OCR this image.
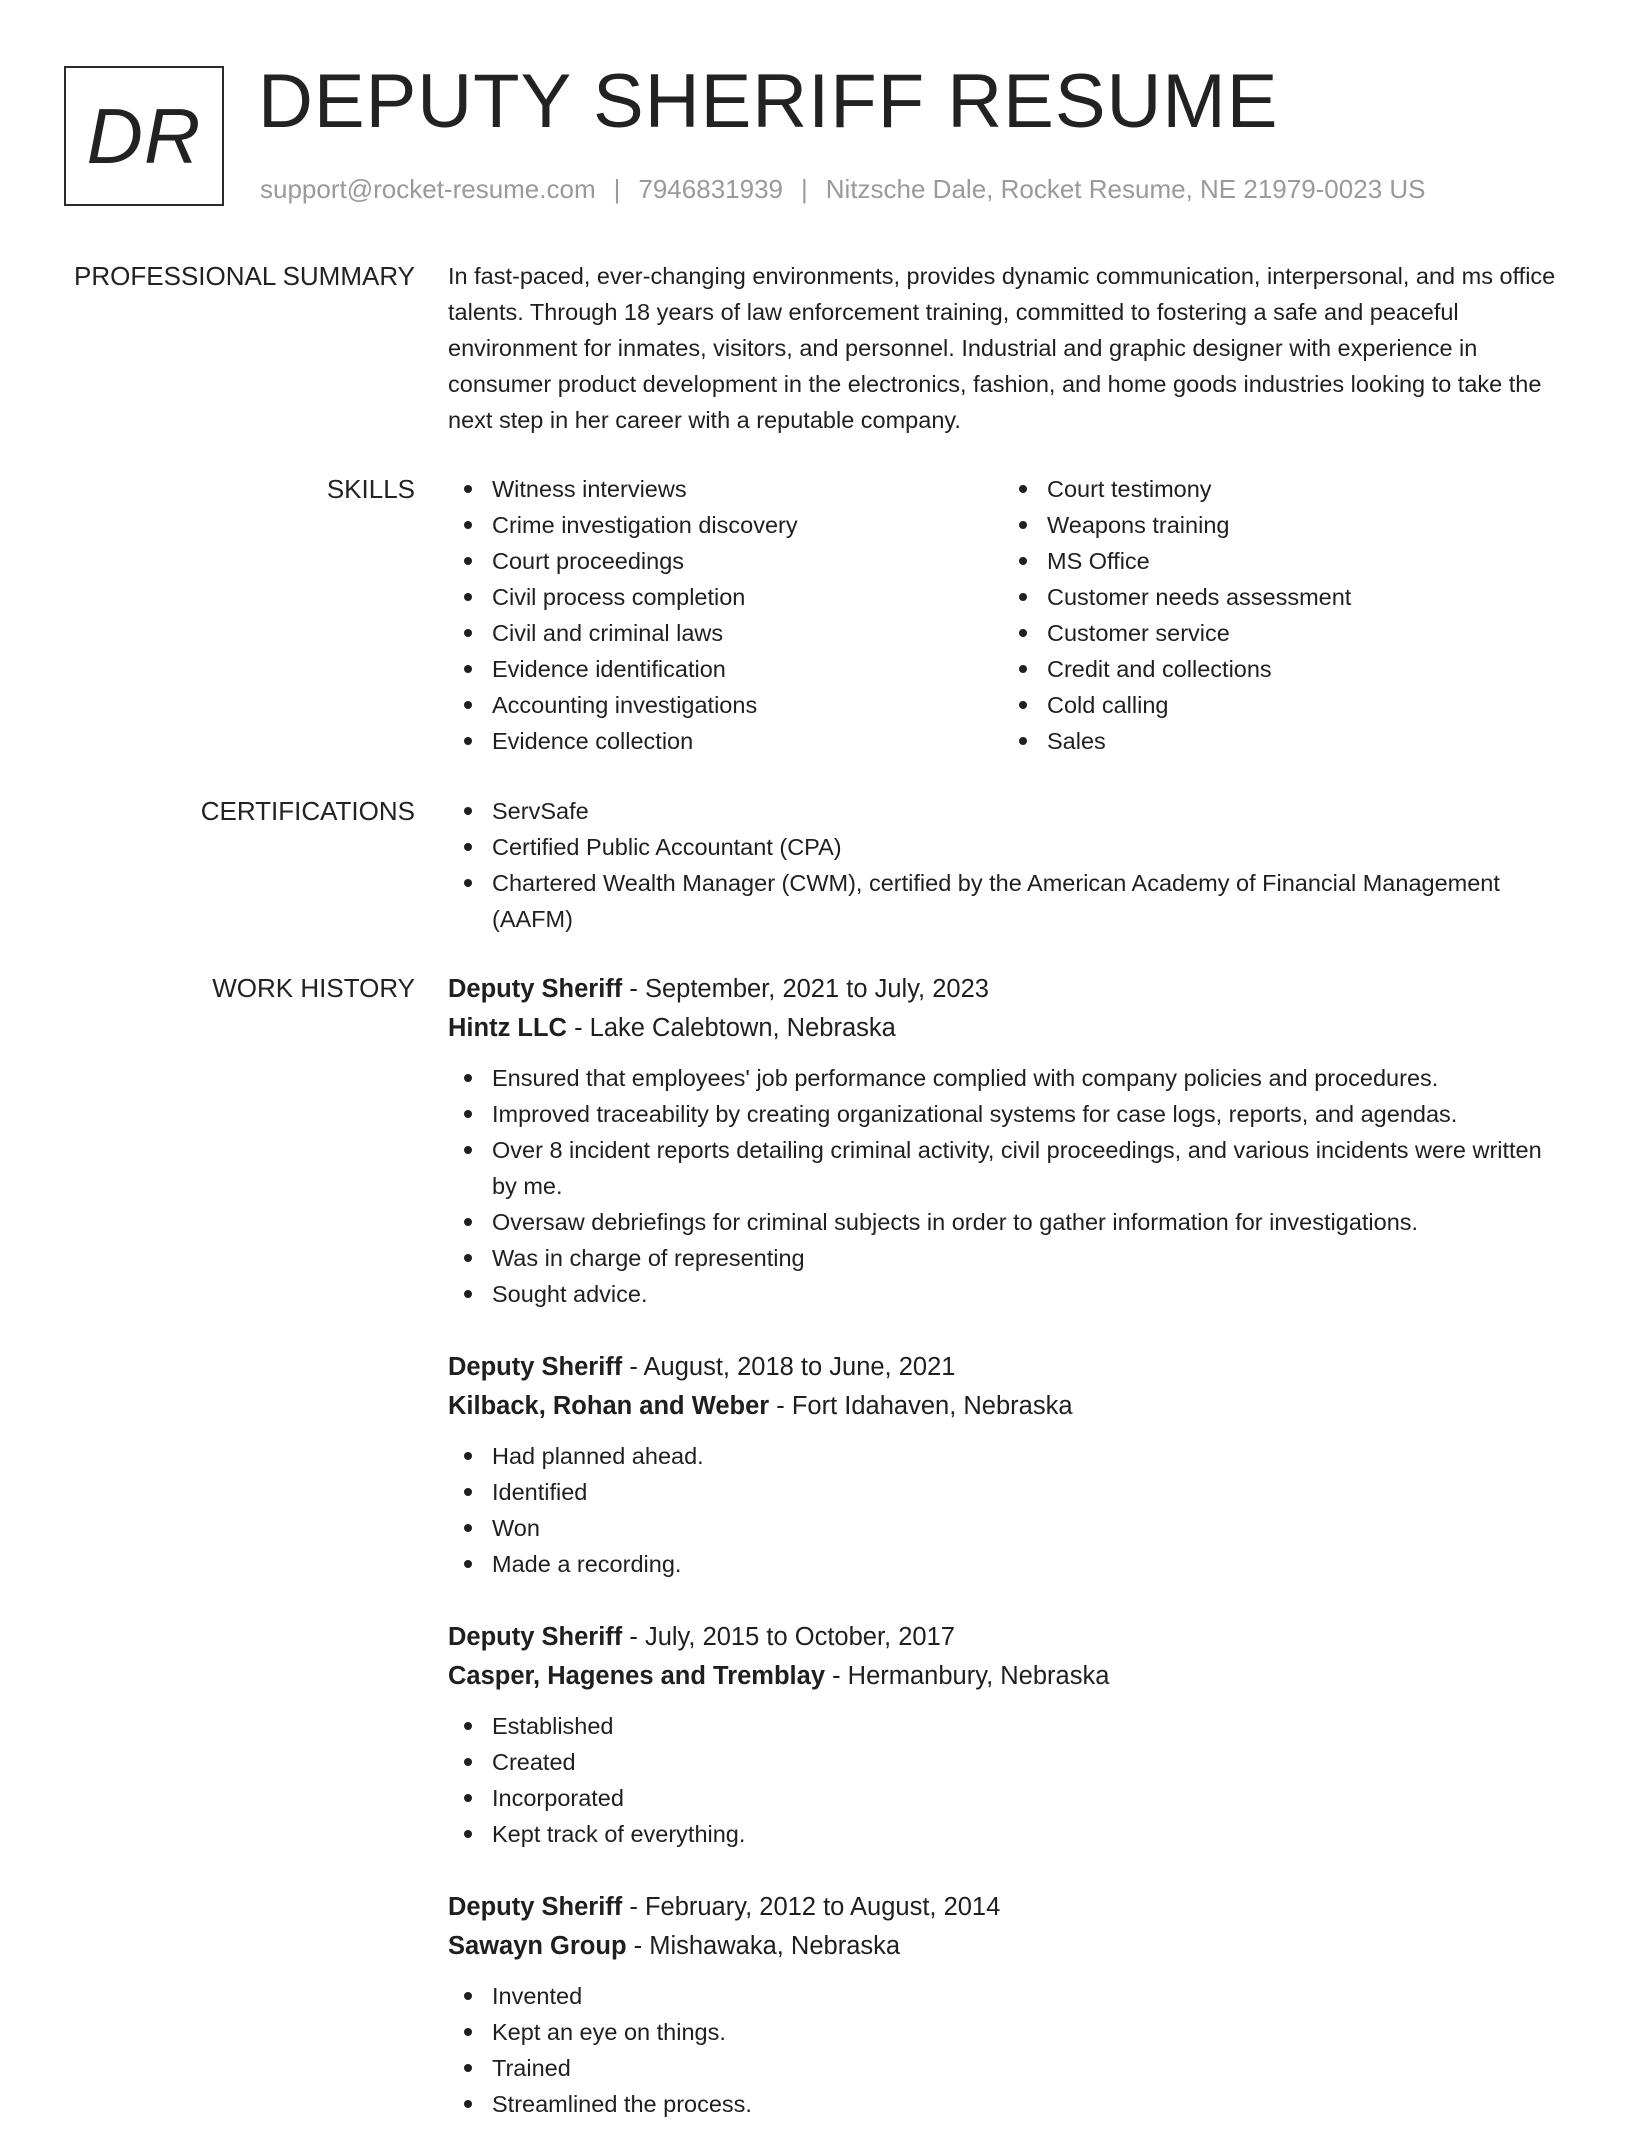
DR DEPUTY SHERIFF RESUME
support@rocket-resume.com | 7946831939 | Nitzsche Dale, Rocket Resume, NE 21979-0023 US
PROFESSIONAL SUMMARY In fast-paced, ever-changing environments, provides dynamic communication, interpersonal, and ms office talents. Through 18 years of law enforcement training, committed to fostering a safe and peaceful environment for inmates, visitors, and personnel. Industrial and graphic designer with experience in consumer product development in the electronics, fashion, and home goods industries looking to take the next step in her career with a reputable company.
SKILLS	Witness interviews
Crime investigation discovery
Court proceedings
Civil process completion
Civil and criminal laws
Evidence identification
Accounting investigations
Evidence collection
Court testimony
Weapons training
MS Office
Customer needs assessment
Customer service
Credit and collections
Cold calling
Sales
CERTIFICATIONS	ServSafe
Certified Public Accountant (CPA)
Chartered Wealth Manager (CWM), certified by the American Academy of Financial Management (AAFM)
WORK HISTORY Deputy Sheriff - September, 2021 to July, 2023
Hintz LLC - Lake Calebtown, Nebraska
Ensured that employees' job performance complied with company policies and procedures.
Improved traceability by creating organizational systems for case logs, reports, and agendas.
Over 8 incident reports detailing criminal activity, civil proceedings, and various incidents were written by me.
Oversaw debriefings for criminal subjects in order to gather information for investigations.
Was in charge of representing
Sought advice.
Deputy Sheriff - August, 2018 to June, 2021
Kilback, Rohan and Weber - Fort Idahaven, Nebraska
Had planned ahead.
Identified
Won
Made a recording.
Deputy Sheriff - July, 2015 to October, 2017
Casper, Hagenes and Tremblay - Hermanbury, Nebraska
Established
Created
Incorporated
Kept track of everything.
Deputy Sheriff - February, 2012 to August, 2014
Sawayn Group - Mishawaka, Nebraska
Invented
Kept an eye on things.
Trained
Streamlined the process.
